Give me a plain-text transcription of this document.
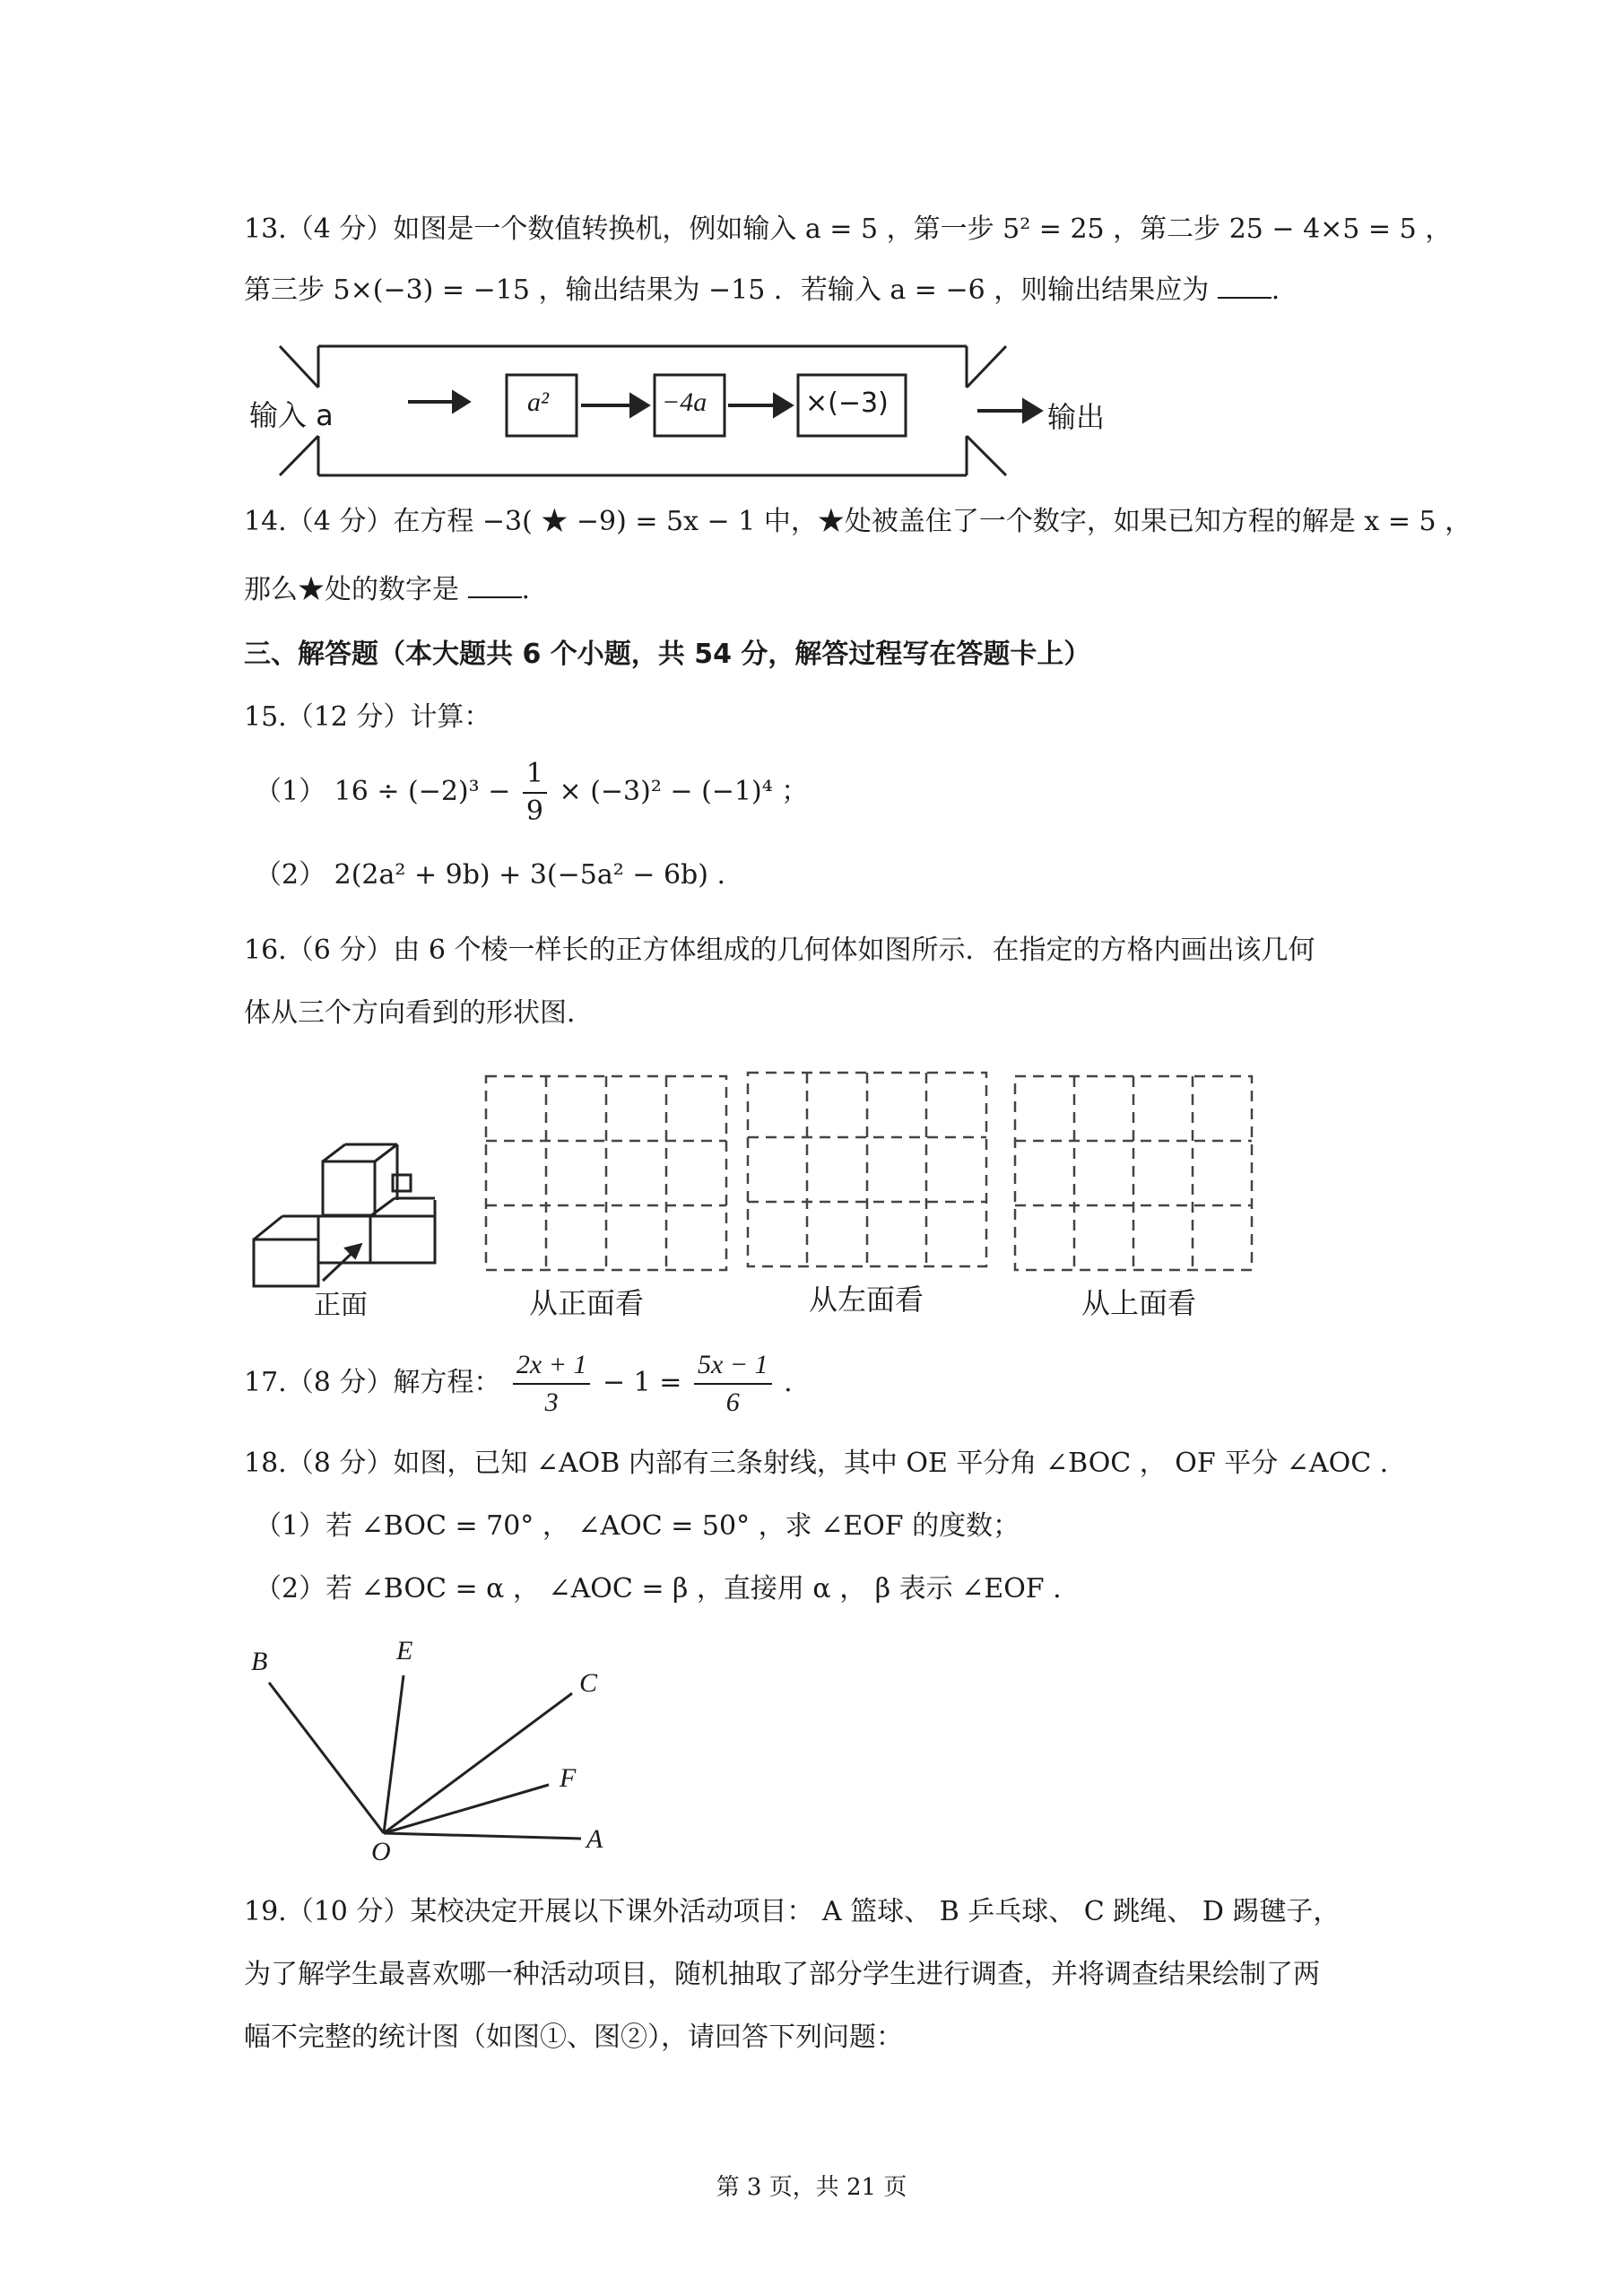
13.（4 分）如图是一个数值转换机，例如输入 a = 5 ，第一步 5² = 25 ，第二步 25 − 4×5 = 5 ，
第三步 5×(−3) = −15 ，输出结果为 −15 ．若输入 a = −6 ，则输出结果应为 .
输入 a	a²	−4a	×(−3)	输出
14.（4 分）在方程 −3( ★ −9) = 5x − 1 中，★处被盖住了一个数字，如果已知方程的解是 x = 5 ，
那么★处的数字是 .
三、解答题（本大题共 6 个小题，共 54 分，解答过程写在答题卡上）
15.（12 分）计算：
（1） $16 \div (-2)^3 - \frac{1}{9} \times (-3)^2 - (-1)^4$ ；
（2） 2(2a² + 9b) + 3(−5a² − 6b) .
16.（6 分）由 6 个棱一样长的正方体组成的几何体如图所示．在指定的方格内画出该几何
体从三个方向看到的形状图．
正面	从正面看	从左面看	从上面看
17.（8 分）解方程： $\frac{2x + 1}{3} - 1 = \frac{5x - 1}{6}$ .
18.（8 分）如图，已知 ∠AOB 内部有三条射线，其中 OE 平分角 ∠BOC ， OF 平分 ∠AOC .
（1）若 ∠BOC = 70° ， ∠AOC = 50° ，求 ∠EOF 的度数；
（2）若 ∠BOC = α ， ∠AOC = β ，直接用 α ， β 表示 ∠EOF .
B	E
C
F
O	A
19.（10 分）某校决定开展以下课外活动项目： A 篮球、 B 乒乓球、 C 跳绳、 D 踢毽子，
为了解学生最喜欢哪一种活动项目，随机抽取了部分学生进行调查，并将调查结果绘制了两
幅不完整的统计图（如图①、图②），请回答下列问题：
第 3 页，共 21 页
